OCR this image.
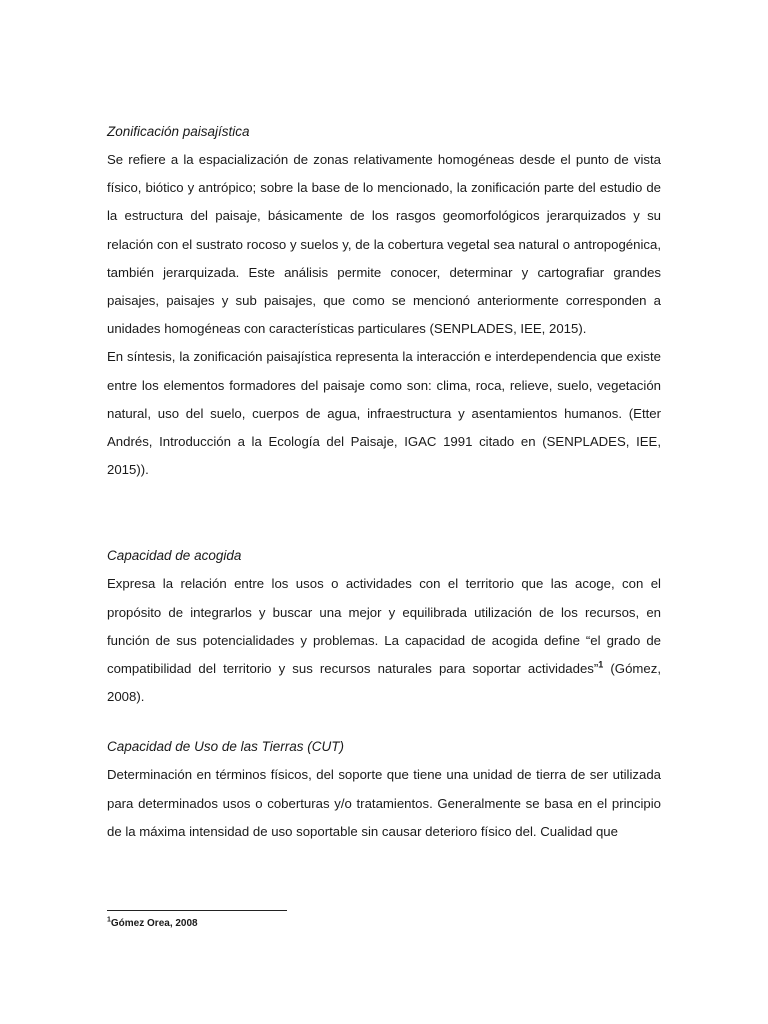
Zonificación paisajística

Se refiere a la espacialización de zonas relativamente homogéneas desde el punto de vista físico, biótico y antrópico; sobre la base de lo mencionado, la zonificación parte del estudio de la estructura del paisaje, básicamente de los rasgos geomorfológicos jerarquizados y su relación con el sustrato rocoso y suelos y, de la cobertura vegetal sea natural o antropogénica, también jerarquizada. Este análisis permite conocer, determinar y cartografiar grandes paisajes, paisajes y sub paisajes, que como se mencionó anteriormente corresponden a unidades homogéneas con características particulares (SENPLADES, IEE, 2015).

En síntesis, la zonificación paisajística representa la interacción e interdependencia que existe entre los elementos formadores del paisaje como son: clima, roca, relieve, suelo, vegetación natural, uso del suelo, cuerpos de agua, infraestructura y asentamientos humanos. (Etter Andrés, Introducción a la Ecología del Paisaje, IGAC 1991 citado en (SENPLADES, IEE, 2015)).

Capacidad de acogida

Expresa la relación entre los usos o actividades con el territorio que las acoge, con el propósito de integrarlos y buscar una mejor y equilibrada utilización de los recursos, en función de sus potencialidades y problemas. La capacidad de acogida define “el grado de compatibilidad del territorio y sus recursos naturales para soportar actividades”$^1$ (Gómez, 2008).

Capacidad de Uso de las Tierras (CUT)

Determinación en términos físicos, del soporte que tiene una unidad de tierra de ser utilizada para determinados usos o coberturas y/o tratamientos. Generalmente se basa en el principio de la máxima intensidad de uso soportable sin causar deterioro físico del. Cualidad que

$^1$Gómez Orea, 2008
